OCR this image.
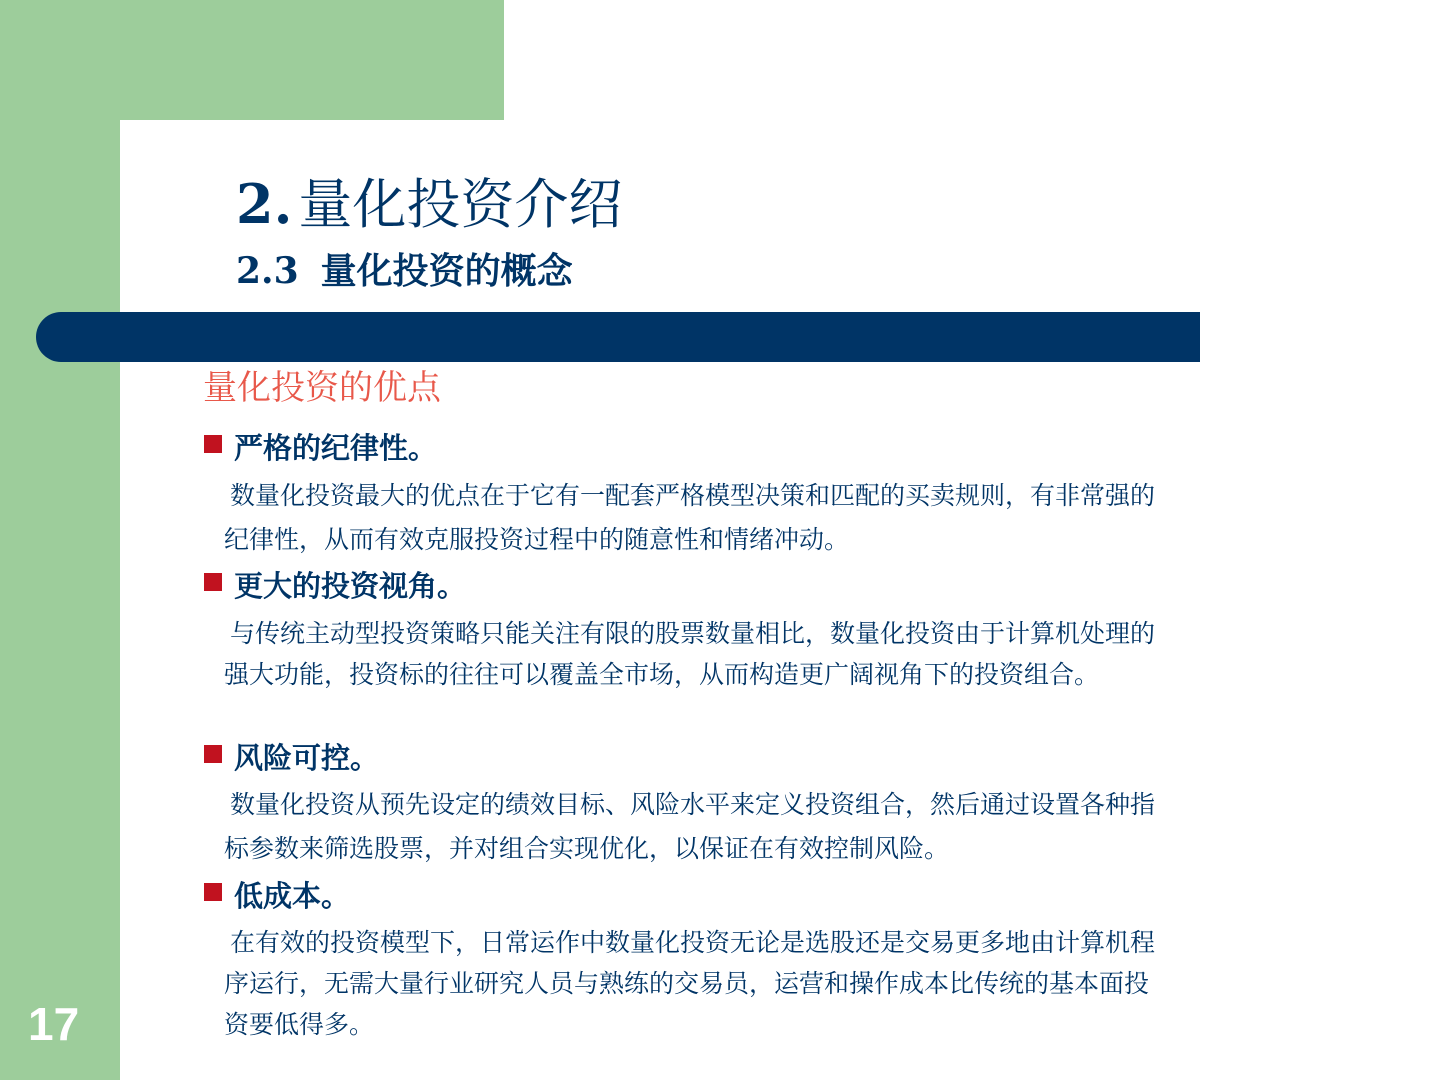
2. 量化投资介绍
2.3 量化投资的概念
量化投资的优点
严格的纪律性。

数量化投资最大的优点在于它有一配套严格模型决策和匹配的买卖规则，有非常强的纪律性，从而有效克服投资过程中的随意性和情绪冲动。

更大的投资视角。

与传统主动型投资策略只能关注有限的股票数量相比，数量化投资由于计算机处理的强大功能，投资标的往往可以覆盖全市场，从而构造更广阔视角下的投资组合。

风险可控。

数量化投资从预先设定的绩效目标、风险水平来定义投资组合，然后通过设置各种指标参数来筛选股票，并对组合实现优化，以保证在有效控制风险。

低成本。

在有效的投资模型下，日常运作中数量化投资无论是选股还是交易更多地由计算机程序运行，无需大量行业研究人员与熟练的交易员，运营和操作成本比传统的基本面投资要低得多。

17
